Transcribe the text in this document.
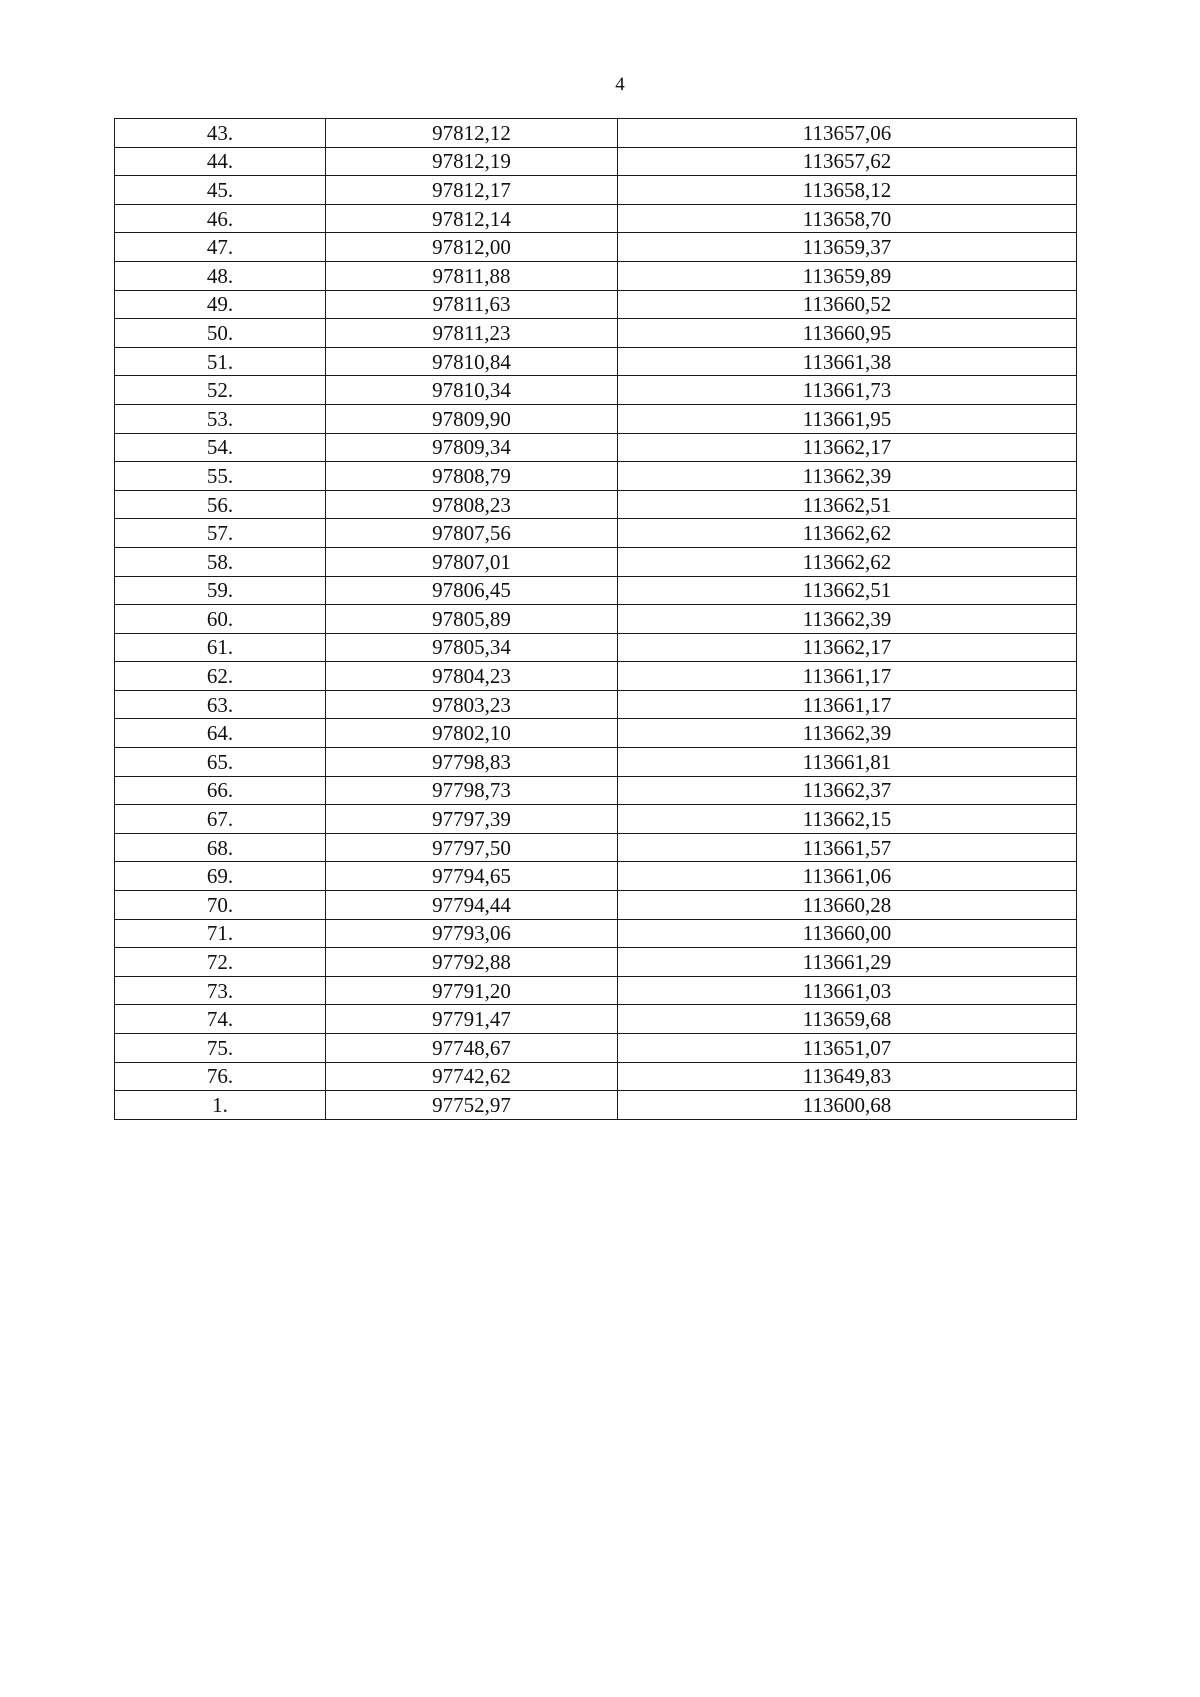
4
43.	97812,12	113657,06
44.	97812,19	113657,62
45.	97812,17	113658,12
46.	97812,14	113658,70
47.	97812,00	113659,37
48.	97811,88	113659,89
49.	97811,63	113660,52
50.	97811,23	113660,95
51.	97810,84	113661,38
52.	97810,34	113661,73
53.	97809,90	113661,95
54.	97809,34	113662,17
55.	97808,79	113662,39
56.	97808,23	113662,51
57.	97807,56	113662,62
58.	97807,01	113662,62
59.	97806,45	113662,51
60.	97805,89	113662,39
61.	97805,34	113662,17
62.	97804,23	113661,17
63.	97803,23	113661,17
64.	97802,10	113662,39
65.	97798,83	113661,81
66.	97798,73	113662,37
67.	97797,39	113662,15
68.	97797,50	113661,57
69.	97794,65	113661,06
70.	97794,44	113660,28
71.	97793,06	113660,00
72.	97792,88	113661,29
73.	97791,20	113661,03
74.	97791,47	113659,68
75.	97748,67	113651,07
76.	97742,62	113649,83
1.	97752,97	113600,68
